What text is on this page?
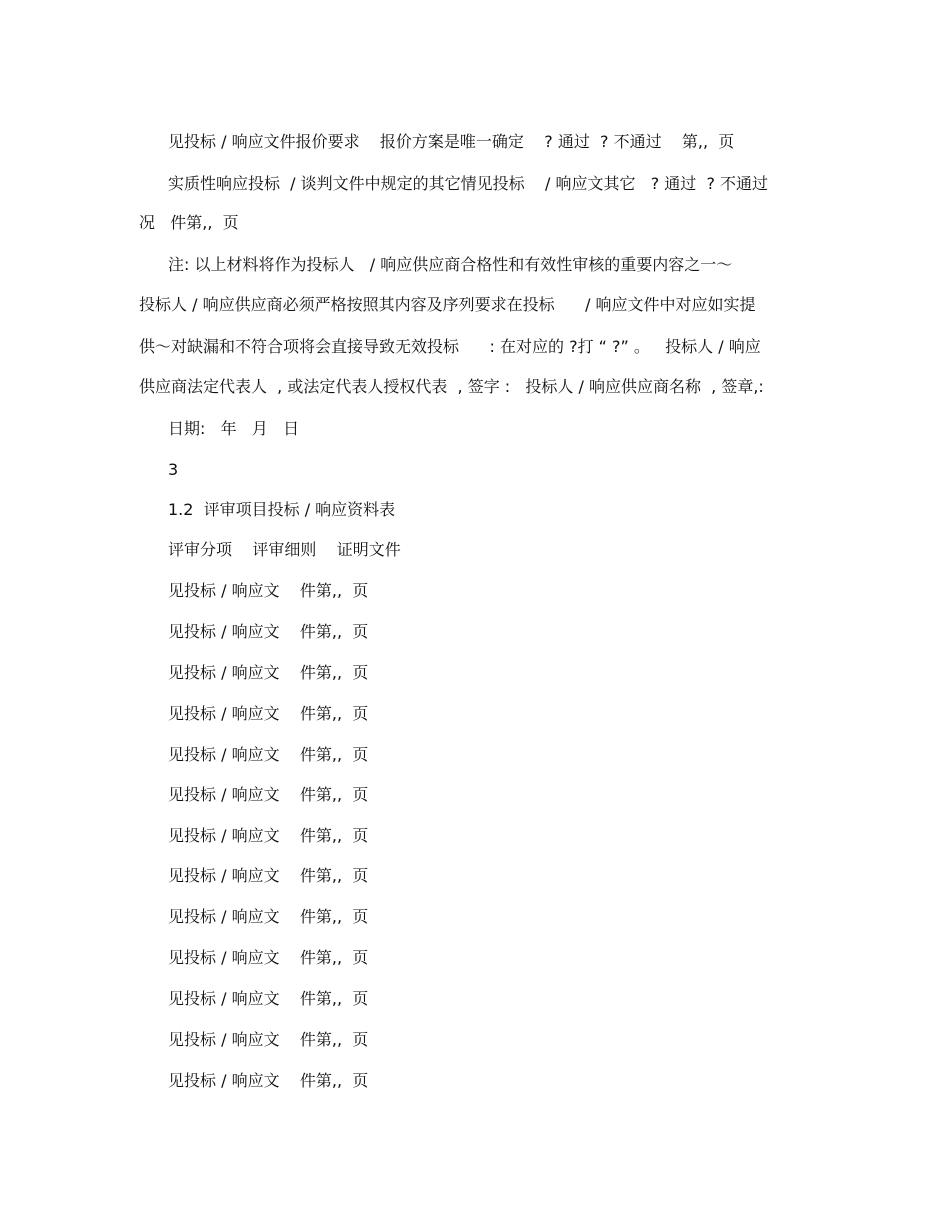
见投标 / 响应文件报价要求    报价方案是唯一确定    ? 通过  ? 不通过    第,,  页
实质性响应投标  / 谈判文件中规定的其它情见投标    / 响应文其它   ? 通过  ? 不通过
况   件第,,  页
注: 以上材料将作为投标人   / 响应供应商合格性和有效性审核的重要内容之一～
投标人 / 响应供应商必须严格按照其内容及序列要求在投标      / 响应文件中对应如实提
供～对缺漏和不符合项将会直接导致无效投标      : 在对应的 ?打 “ ?” 。   投标人 / 响应
供应商法定代表人  , 或法定代表人授权代表  , 签字 :   投标人 / 响应供应商名称  , 签章,:
日期:   年   月   日
3
1.2  评审项目投标 / 响应资料表
评审分项    评审细则    证明文件
见投标 / 响应文    件第,,  页
见投标 / 响应文    件第,,  页
见投标 / 响应文    件第,,  页
见投标 / 响应文    件第,,  页
见投标 / 响应文    件第,,  页
见投标 / 响应文    件第,,  页
见投标 / 响应文    件第,,  页
见投标 / 响应文    件第,,  页
见投标 / 响应文    件第,,  页
见投标 / 响应文    件第,,  页
见投标 / 响应文    件第,,  页
见投标 / 响应文    件第,,  页
见投标 / 响应文    件第,,  页
